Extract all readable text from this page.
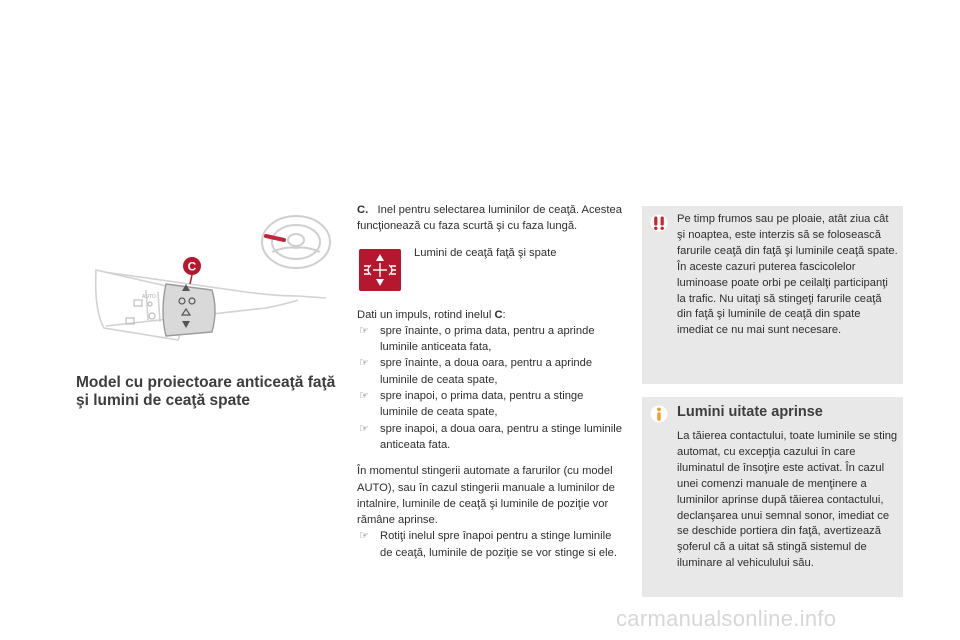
AUTO
C
Model cu proiectoare anticeaţă faţă şi lumini de ceaţă spate

C. Inel pentru selectarea luminilor de ceaţă. Acestea funcţionează cu faza scurtă şi cu faza lungă.

Lumini de ceaţă faţă şi spate

Dati un impuls, rotind inelul C:

☞ spre înainte, o prima data, pentru a aprinde luminile anticeata fata,
☞ spre înainte, a doua oara, pentru a aprinde luminile de ceata spate,
☞ spre inapoi, o prima data, pentru a stinge luminile de ceata spate,
☞ spre inapoi, a doua oara, pentru a stinge luminile anticeata fata.

În momentul stingerii automate a farurilor (cu model AUTO), sau în cazul stingerii manuale a luminilor de intalnire, luminile de ceaţă şi luminile de poziţie vor rămâne aprinse.

☞ Rotiţi inelul spre înapoi pentru a stinge luminile de ceaţă, luminile de poziţie se vor stinge si ele.

Pe timp frumos sau pe ploaie, atât ziua cât şi noaptea, este interzis să se folosească farurile ceaţă din faţă şi luminile ceaţă spate. În aceste cazuri puterea fascicolelor luminoase poate orbi pe ceilalţi participanţi la trafic. Nu uitaţi să stingeţi farurile ceaţă din faţă şi luminile de ceaţă din spate imediat ce nu mai sunt necesare.

Lumini uitate aprinse

La tăierea contactului, toate luminile se sting automat, cu excepţia cazului în care iluminatul de însoţire este activat. În cazul unei comenzi manuale de menţinere a luminilor aprinse după tăierea contactului, declanşarea unui semnal sonor, imediat ce se deschide portiera din faţă, avertizează şoferul că a uitat să stingă sistemul de iluminare al vehiculului său.

carmanualsonline.info
